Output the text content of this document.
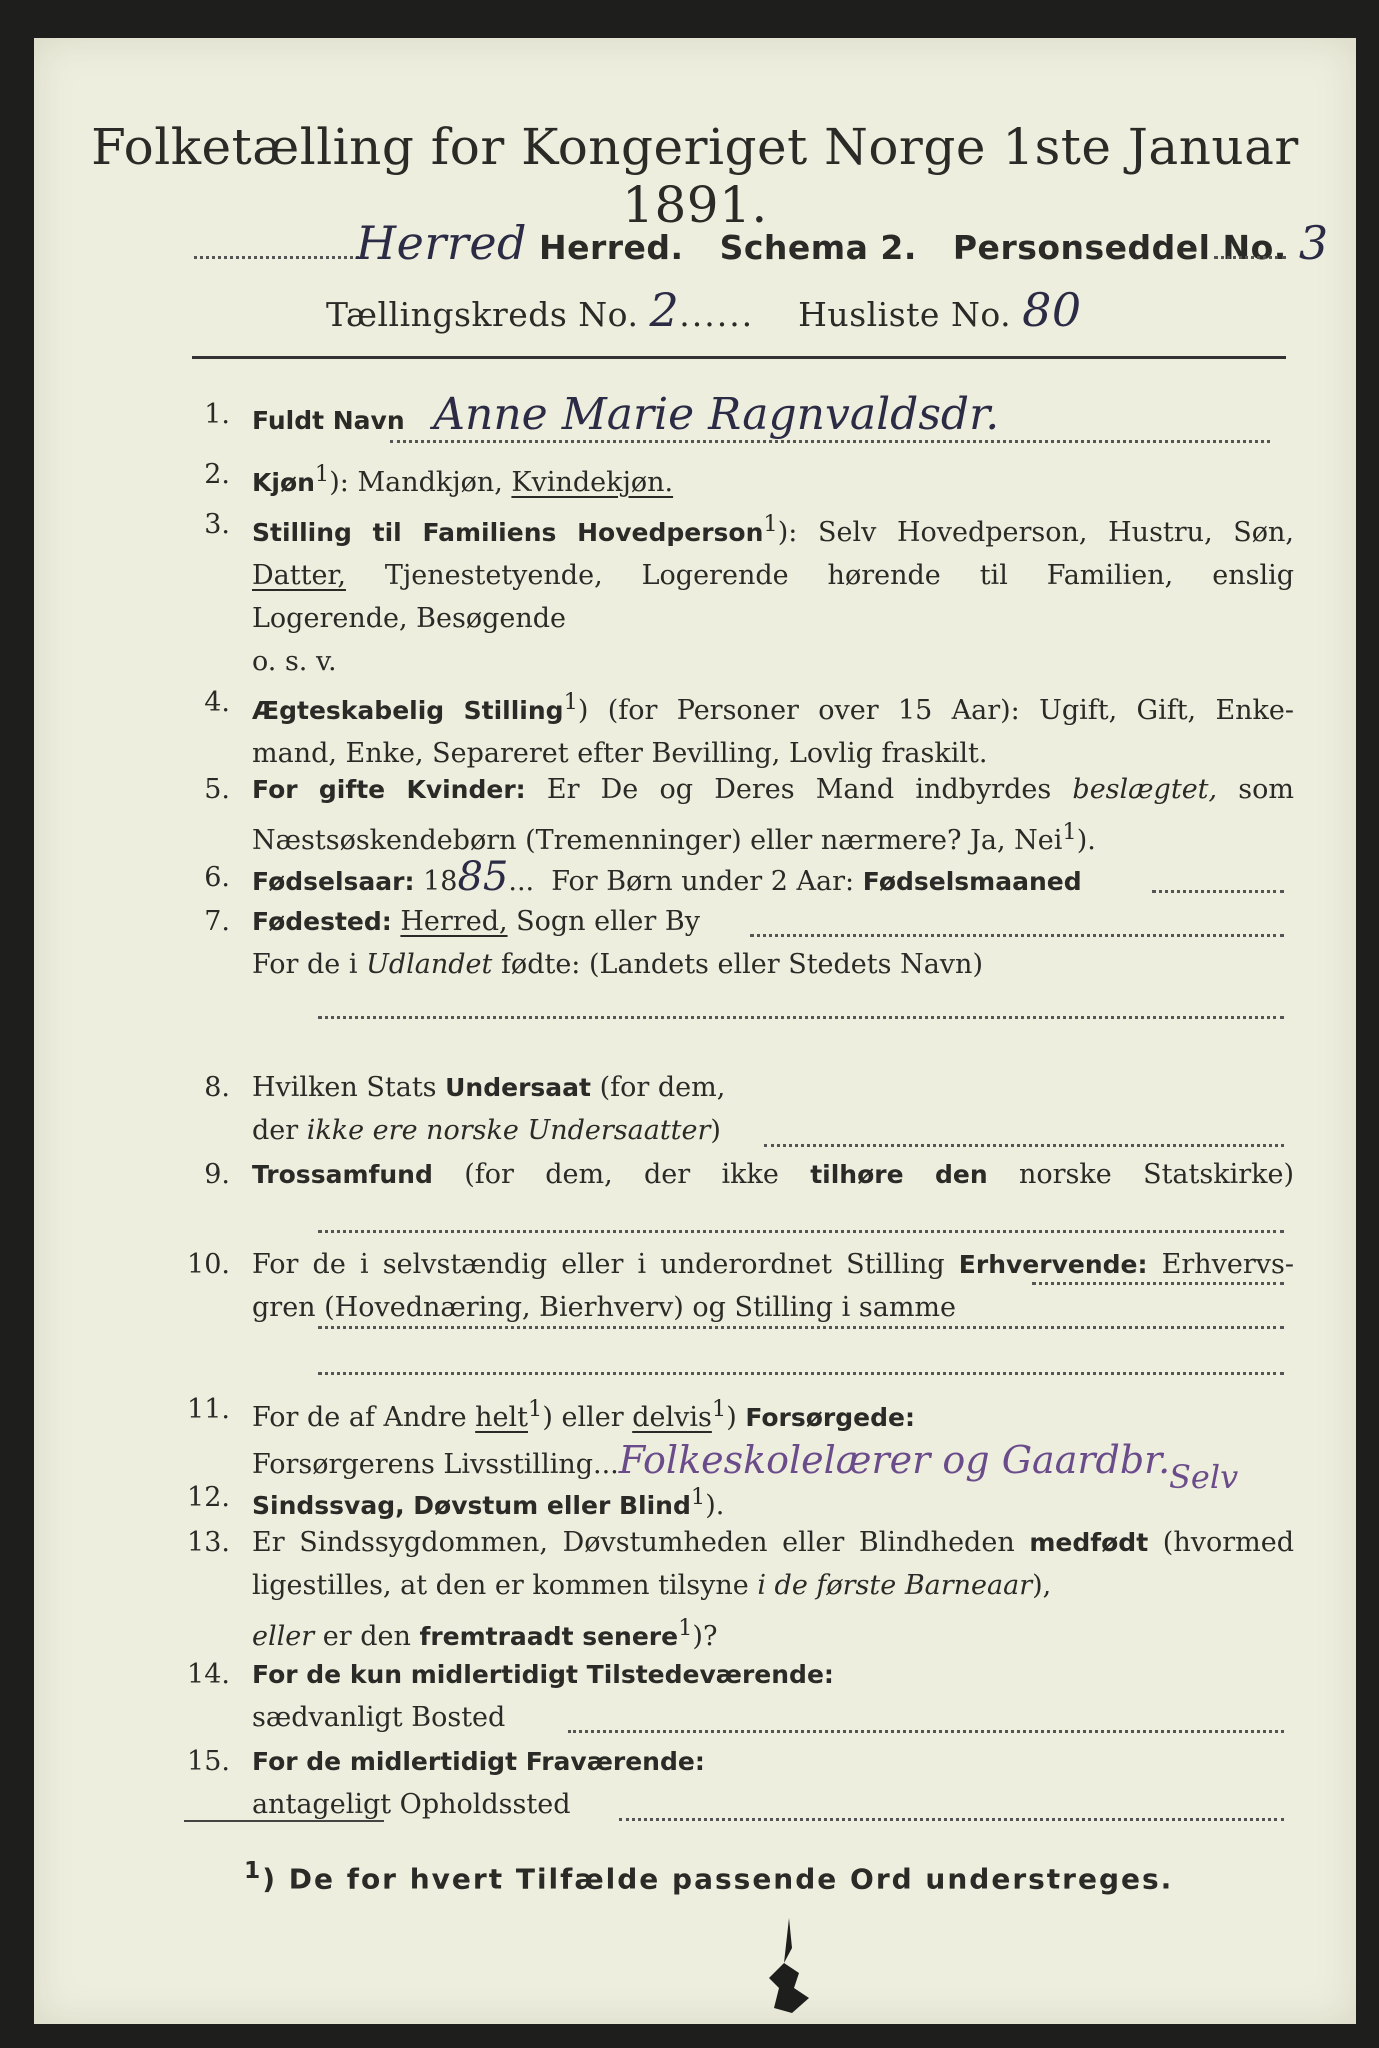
Folketælling for Kongeriget Norge 1ste Januar 1891.
Herred Herred. Schema 2. Personseddel No. 3
Tællingskreds No. 2...... Husliste No. 80
1. Fuldt Navn Anne Marie Ragnvaldsdr.
2. Kjøn$^1$): Mandkjøn, Kvindekjøn.
3. Stilling til Familiens Hovedperson$^1$): Selv Hovedperson, Hustru, Søn,
Datter, Tjenestetyende, Logerende hørende til Familien, enslig
Logerende, Besøgende
o. s. v.
4. Ægteskabelig Stilling$^1$) (for Personer over 15 Aar): Ugift, Gift, Enke-
mand, Enke, Separeret efter Bevilling, Lovlig fraskilt.
5. For gifte Kvinder: Er De og Deres Mand indbyrdes beslægtet, som
Næstsøskendebørn (Tremenninger) eller nærmere? Ja, Nei$^1$).
6. Fødselsaar: 1885...  For Børn under 2 Aar: Fødselsmaaned
7. Fødested: Herred, Sogn eller By
For de i Udlandet fødte: (Landets eller Stedets Navn)
8. Hvilken Stats Undersaat (for dem,
der ikke ere norske Undersaatter)
9. Trossamfund (for dem, der ikke tilhøre den norske Statskirke)
10. For de i selvstændig eller i underordnet Stilling Erhvervende: Erhvervs-
gren (Hovednæring, Bierhverv) og Stilling i samme
11. For de af Andre helt$^1$) eller delvis$^1$) Forsørgede:
Forsørgerens Livsstilling...Folkeskolelærer og Gaardbr.
Selv
12. Sindssvag, Døvstum eller Blind$^1$).
13. Er Sindssygdommen, Døvstumheden eller Blindheden medfødt (hvormed
ligestilles, at den er kommen tilsyne i de første Barneaar),
eller er den fremtraadt senere$^1$)?
14. For de kun midlertidigt Tilstedeværende:
sædvanligt Bosted
15. For de midlertidigt Fraværende:
antageligt Opholdssted
$^1$) De for hvert Tilfælde passende Ord understreges.
